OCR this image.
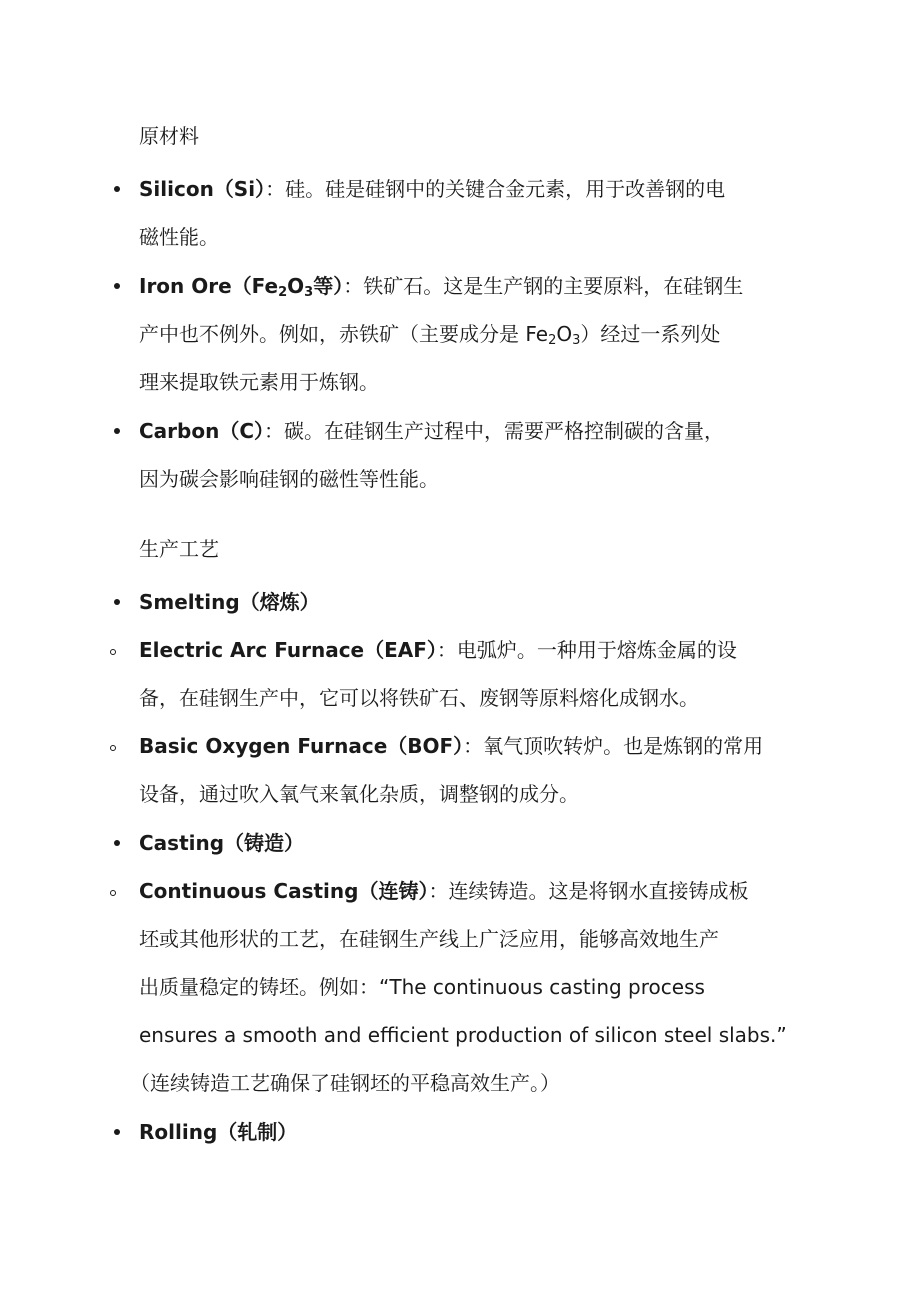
原材料
Silicon（Si）：硅。硅是硅钢中的关键合金元素，用于改善钢的电
磁性能。
Iron $Ore(Fe_2O_3$等）：铁矿石。这是生产钢的主要原料，在硅钢生
产中也不例外。例如，赤铁矿（主要成分是 $Fe_2O_3$）经过一系列处
理来提取铁元素用于炼钢。
Carbon（C）：碳。在硅钢生产过程中，需要严格控制碳的含量，
因为碳会影响硅钢的磁性等性能。
生产工艺
Smelting（熔炼）
Electric Arc Furnace（EAF）：电弧炉。一种用于熔炼金属的设
备，在硅钢生产中，它可以将铁矿石、废钢等原料熔化成钢水。
Basic Oxygen Furnace（BOF）：氧气顶吹转炉。也是炼钢的常用
设备，通过吹入氧气来氧化杂质，调整钢的成分。
Casting（铸造）
Continuous Casting（连铸）：连续铸造。这是将钢水直接铸成板
坯或其他形状的工艺，在硅钢生产线上广泛应用，能够高效地生产
出质量稳定的铸坯。例如：“The continuous casting process
ensures a smooth and efficient production of silicon steel slabs.”
（连续铸造工艺确保了硅钢坯的平稳高效生产。）
Rolling（轧制）
